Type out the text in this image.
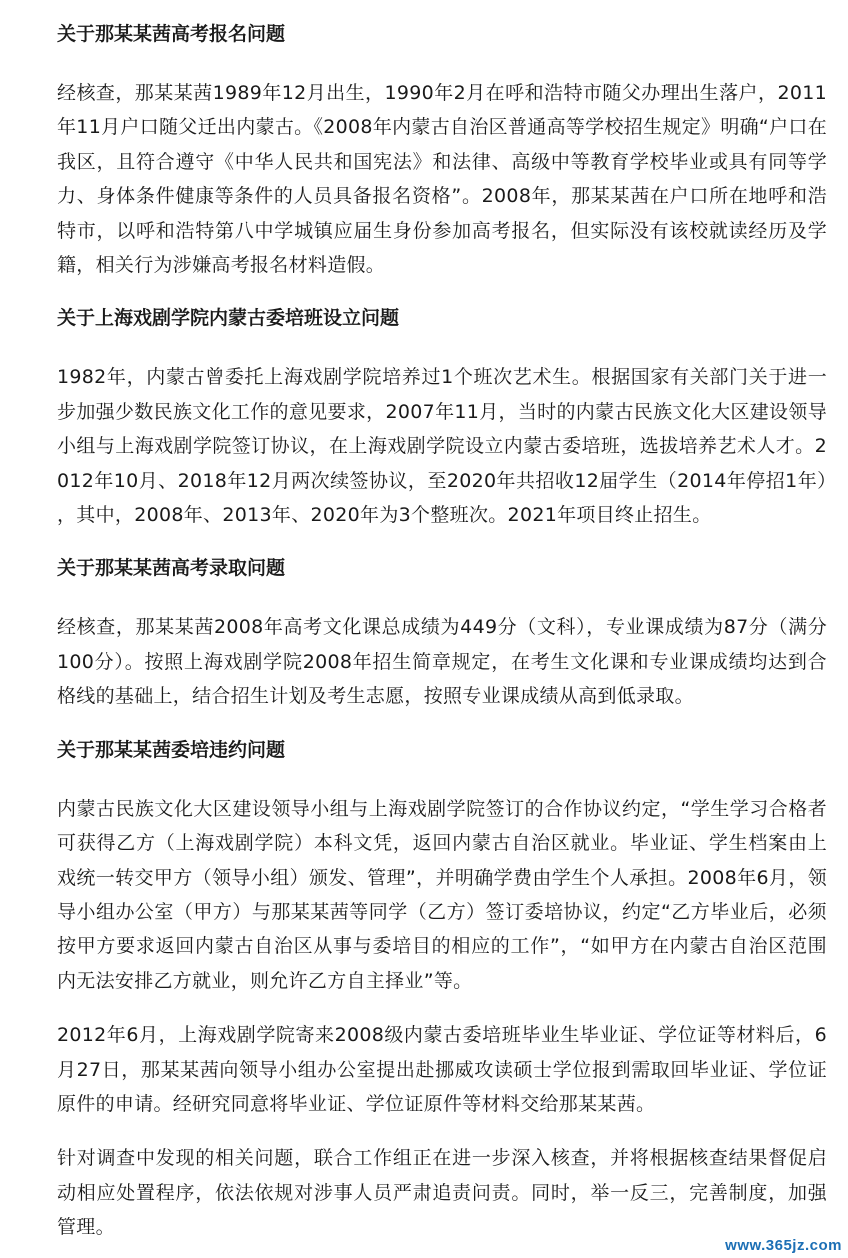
关于那某某茜高考报名问题

经核查，那某某茜1989年12月出生，1990年2月在呼和浩特市随父办理出生落户，2011年11月户口随父迁出内蒙古。《2008年内蒙古自治区普通高等学校招生规定》明确“户口在我区，且符合遵守《中华人民共和国宪法》和法律、高级中等教育学校毕业或具有同等学力、身体条件健康等条件的人员具备报名资格”。2008年，那某某茜在户口所在地呼和浩特市，以呼和浩特第八中学城镇应届生身份参加高考报名，但实际没有该校就读经历及学籍，相关行为涉嫌高考报名材料造假。

关于上海戏剧学院内蒙古委培班设立问题

1982年，内蒙古曾委托上海戏剧学院培养过1个班次艺术生。根据国家有关部门关于进一步加强少数民族文化工作的意见要求，2007年11月，当时的内蒙古民族文化大区建设领导小组与上海戏剧学院签订协议，在上海戏剧学院设立内蒙古委培班，选拔培养艺术人才。2012年10月、2018年12月两次续签协议，至2020年共招收12届学生（2014年停招1年），其中，2008年、2013年、2020年为3个整班次。2021年项目终止招生。

关于那某某茜高考录取问题

经核查，那某某茜2008年高考文化课总成绩为449分（文科），专业课成绩为87分（满分100分）。按照上海戏剧学院2008年招生简章规定，在考生文化课和专业课成绩均达到合格线的基础上，结合招生计划及考生志愿，按照专业课成绩从高到低录取。

关于那某某茜委培违约问题

内蒙古民族文化大区建设领导小组与上海戏剧学院签订的合作协议约定，“学生学习合格者可获得乙方（上海戏剧学院）本科文凭，返回内蒙古自治区就业。毕业证、学生档案由上戏统一转交甲方（领导小组）颁发、管理”，并明确学费由学生个人承担。2008年6月，领导小组办公室（甲方）与那某某茜等同学（乙方）签订委培协议，约定“乙方毕业后，必须按甲方要求返回内蒙古自治区从事与委培目的相应的工作”，“如甲方在内蒙古自治区范围内无法安排乙方就业，则允许乙方自主择业”等。

2012年6月，上海戏剧学院寄来2008级内蒙古委培班毕业生毕业证、学位证等材料后，6月27日，那某某茜向领导小组办公室提出赴挪威攻读硕士学位报到需取回毕业证、学位证原件的申请。经研究同意将毕业证、学位证原件等材料交给那某某茜。

针对调查中发现的相关问题，联合工作组正在进一步深入核查，并将根据核查结果督促启动相应处置程序，依法依规对涉事人员严肃追责问责。同时，举一反三，完善制度，加强管理。

www.365jz.com
